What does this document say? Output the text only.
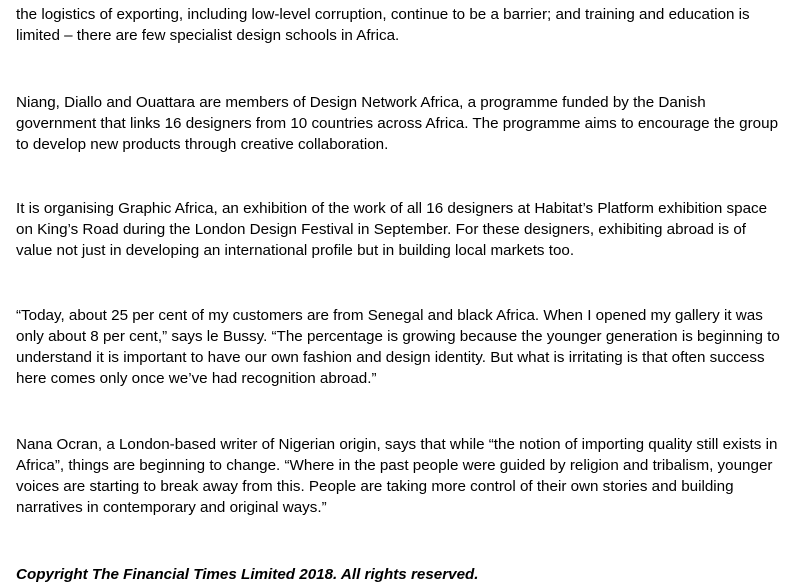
the logistics of exporting, including low-level corruption, continue to be a barrier; and training and education is limited – there are few specialist design schools in Africa.

Niang, Diallo and Ouattara are members of Design Network Africa, a programme funded by the Danish government that links 16 designers from 10 countries across Africa. The programme aims to encourage the group to develop new products through creative collaboration.

It is organising Graphic Africa, an exhibition of the work of all 16 designers at Habitat’s Platform exhibition space on King’s Road during the London Design Festival in September. For these designers, exhibiting abroad is of value not just in developing an international profile but in building local markets too.

“Today, about 25 per cent of my customers are from Senegal and black Africa. When I opened my gallery it was only about 8 per cent,” says le Bussy. “The percentage is growing because the younger generation is beginning to understand it is important to have our own fashion and design identity. But what is irritating is that often success here comes only once we’ve had recognition abroad.”

Nana Ocran, a London-based writer of Nigerian origin, says that while “the notion of importing quality still exists in Africa”, things are beginning to change. “Where in the past people were guided by religion and tribalism, younger voices are starting to break away from this. People are taking more control of their own stories and building narratives in contemporary and original ways.”

Copyright The Financial Times Limited 2018. All rights reserved.
